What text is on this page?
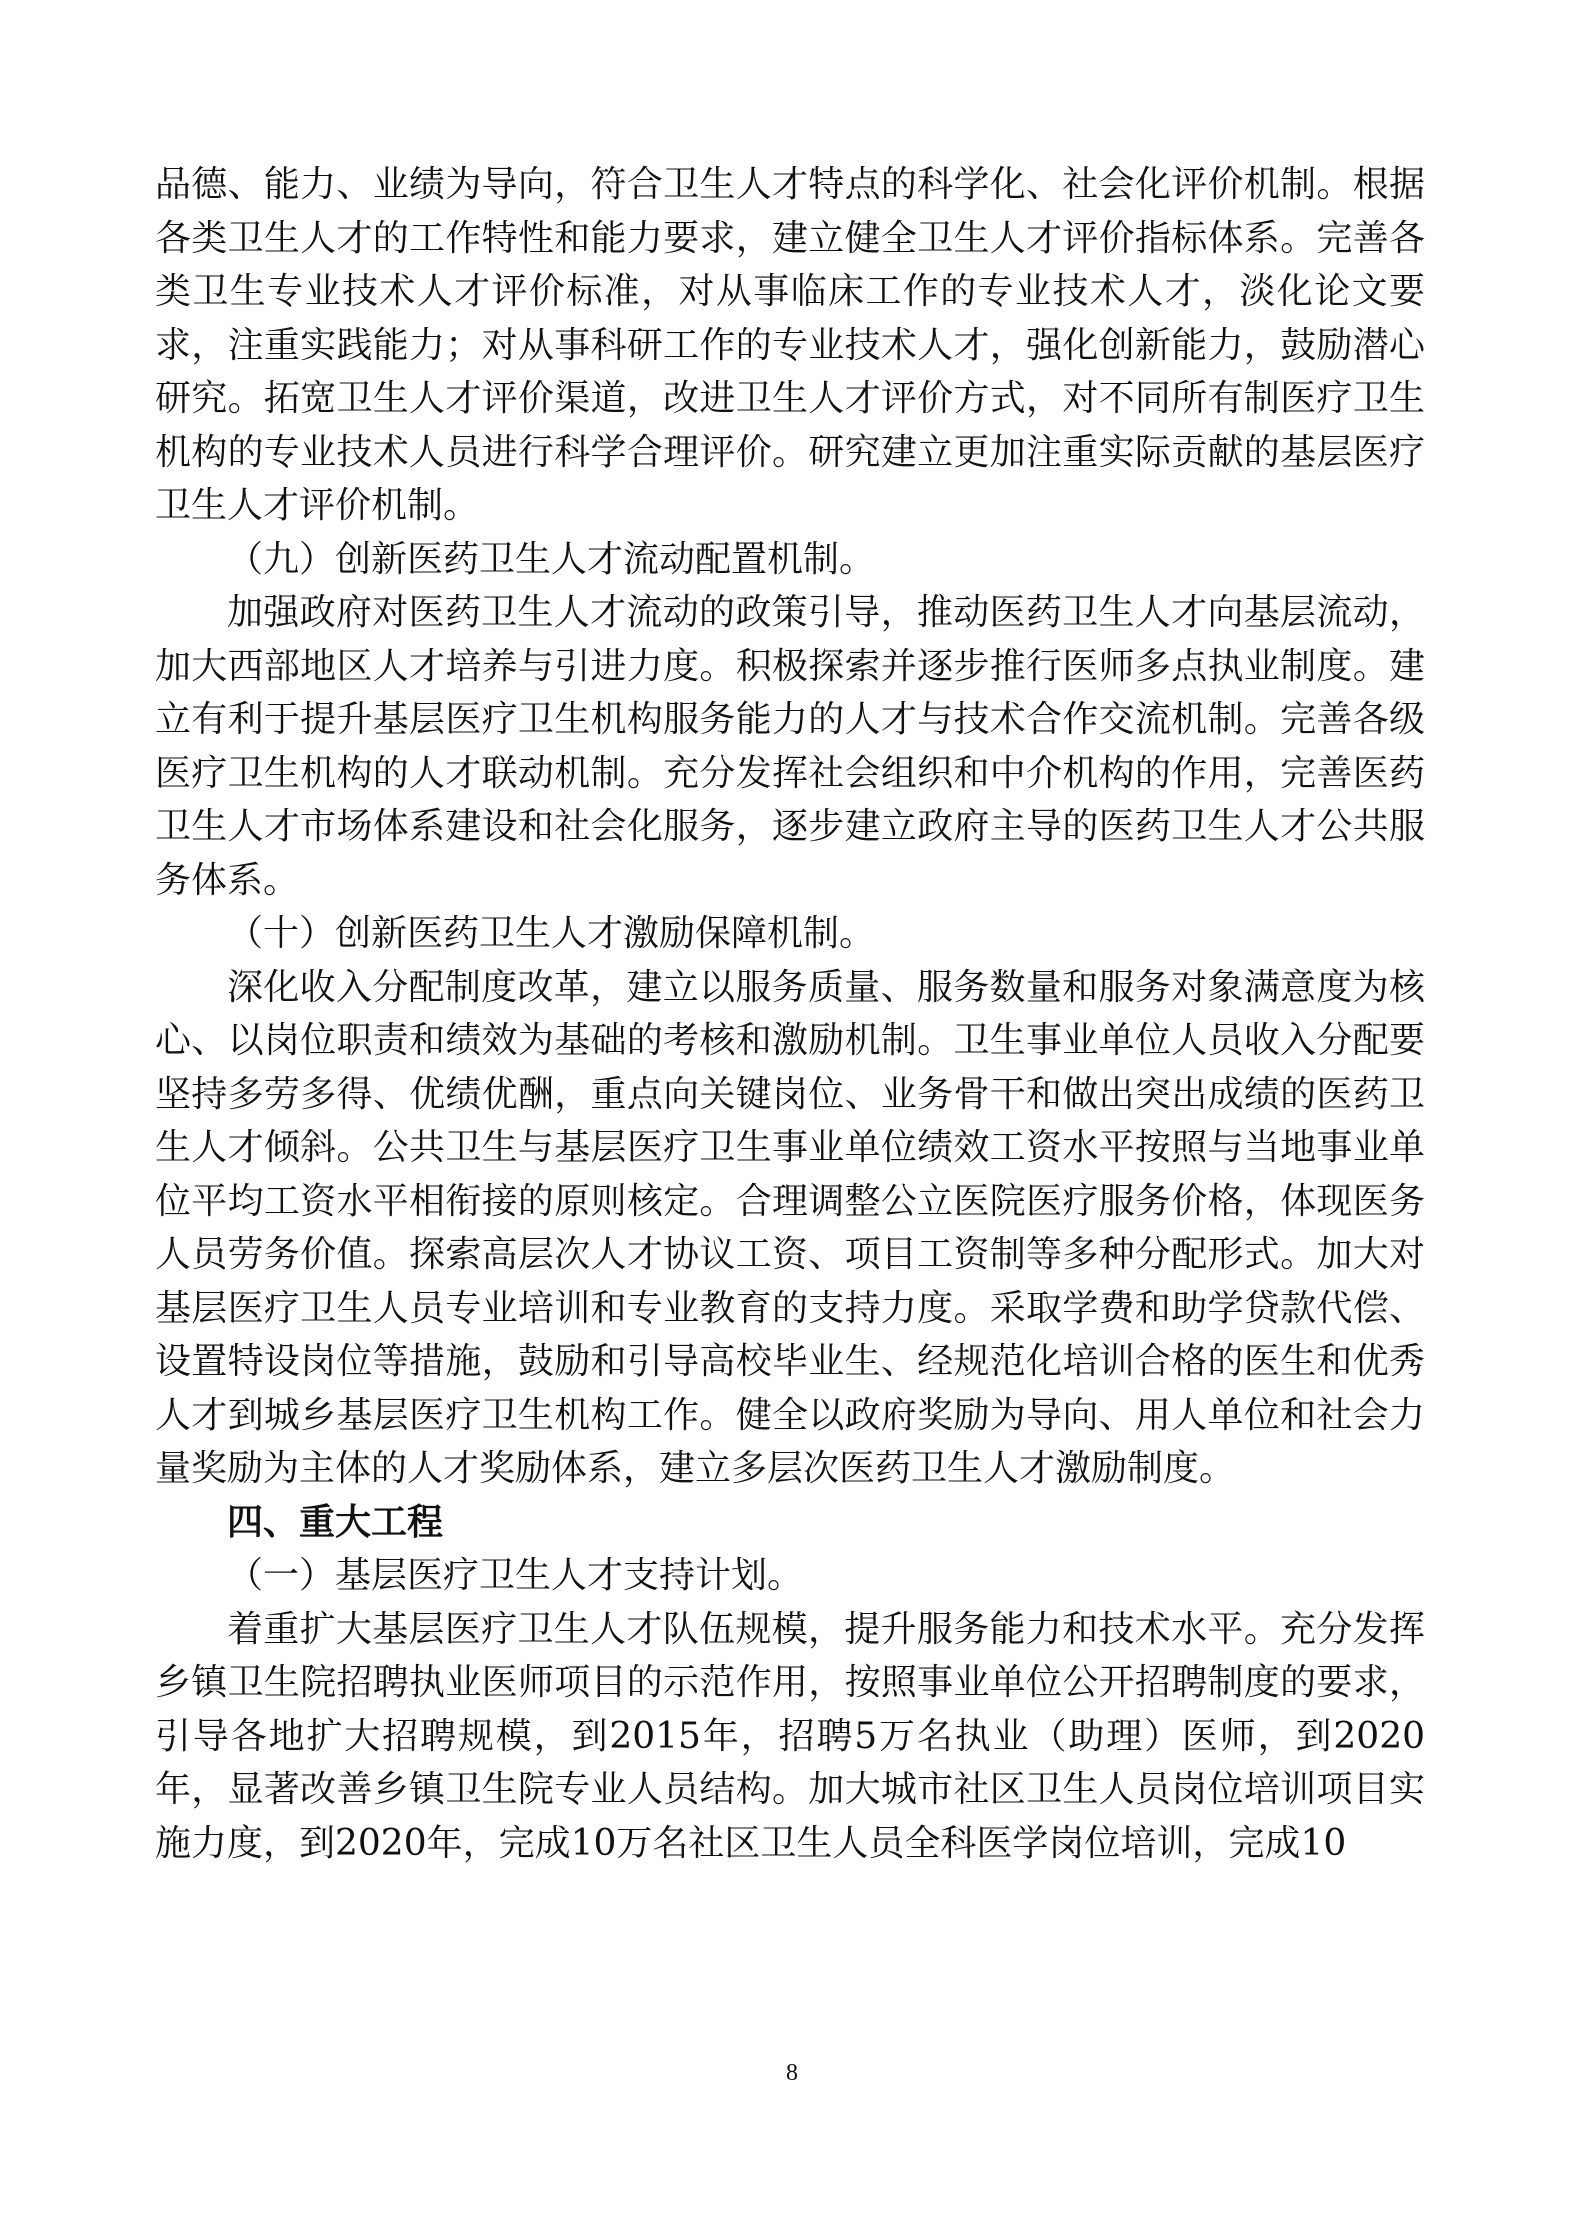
品德、能力、业绩为导向，符合卫生人才特点的科学化、社会化评价机制。根据各类卫生人才的工作特性和能力要求，建立健全卫生人才评价指标体系。完善各类卫生专业技术人才评价标准，对从事临床工作的专业技术人才，淡化论文要求，注重实践能力；对从事科研工作的专业技术人才，强化创新能力，鼓励潜心研究。拓宽卫生人才评价渠道，改进卫生人才评价方式，对不同所有制医疗卫生机构的专业技术人员进行科学合理评价。研究建立更加注重实际贡献的基层医疗卫生人才评价机制。

（九）创新医药卫生人才流动配置机制。

加强政府对医药卫生人才流动的政策引导，推动医药卫生人才向基层流动，加大西部地区人才培养与引进力度。积极探索并逐步推行医师多点执业制度。建立有利于提升基层医疗卫生机构服务能力的人才与技术合作交流机制。完善各级医疗卫生机构的人才联动机制。充分发挥社会组织和中介机构的作用，完善医药卫生人才市场体系建设和社会化服务，逐步建立政府主导的医药卫生人才公共服务体系。

（十）创新医药卫生人才激励保障机制。

深化收入分配制度改革，建立以服务质量、服务数量和服务对象满意度为核心、以岗位职责和绩效为基础的考核和激励机制。卫生事业单位人员收入分配要坚持多劳多得、优绩优酬，重点向关键岗位、业务骨干和做出突出成绩的医药卫生人才倾斜。公共卫生与基层医疗卫生事业单位绩效工资水平按照与当地事业单位平均工资水平相衔接的原则核定。合理调整公立医院医疗服务价格，体现医务人员劳务价值。探索高层次人才协议工资、项目工资制等多种分配形式。加大对基层医疗卫生人员专业培训和专业教育的支持力度。采取学费和助学贷款代偿、设置特设岗位等措施，鼓励和引导高校毕业生、经规范化培训合格的医生和优秀人才到城乡基层医疗卫生机构工作。健全以政府奖励为导向、用人单位和社会力量奖励为主体的人才奖励体系，建立多层次医药卫生人才激励制度。

四、重大工程

（一）基层医疗卫生人才支持计划。

着重扩大基层医疗卫生人才队伍规模，提升服务能力和技术水平。充分发挥乡镇卫生院招聘执业医师项目的示范作用，按照事业单位公开招聘制度的要求，引导各地扩大招聘规模，到2015年，招聘5万名执业（助理）医师，到2020年，显著改善乡镇卫生院专业人员结构。加大城市社区卫生人员岗位培训项目实施力度，到2020年，完成10万名社区卫生人员全科医学岗位培训，完成10

8
